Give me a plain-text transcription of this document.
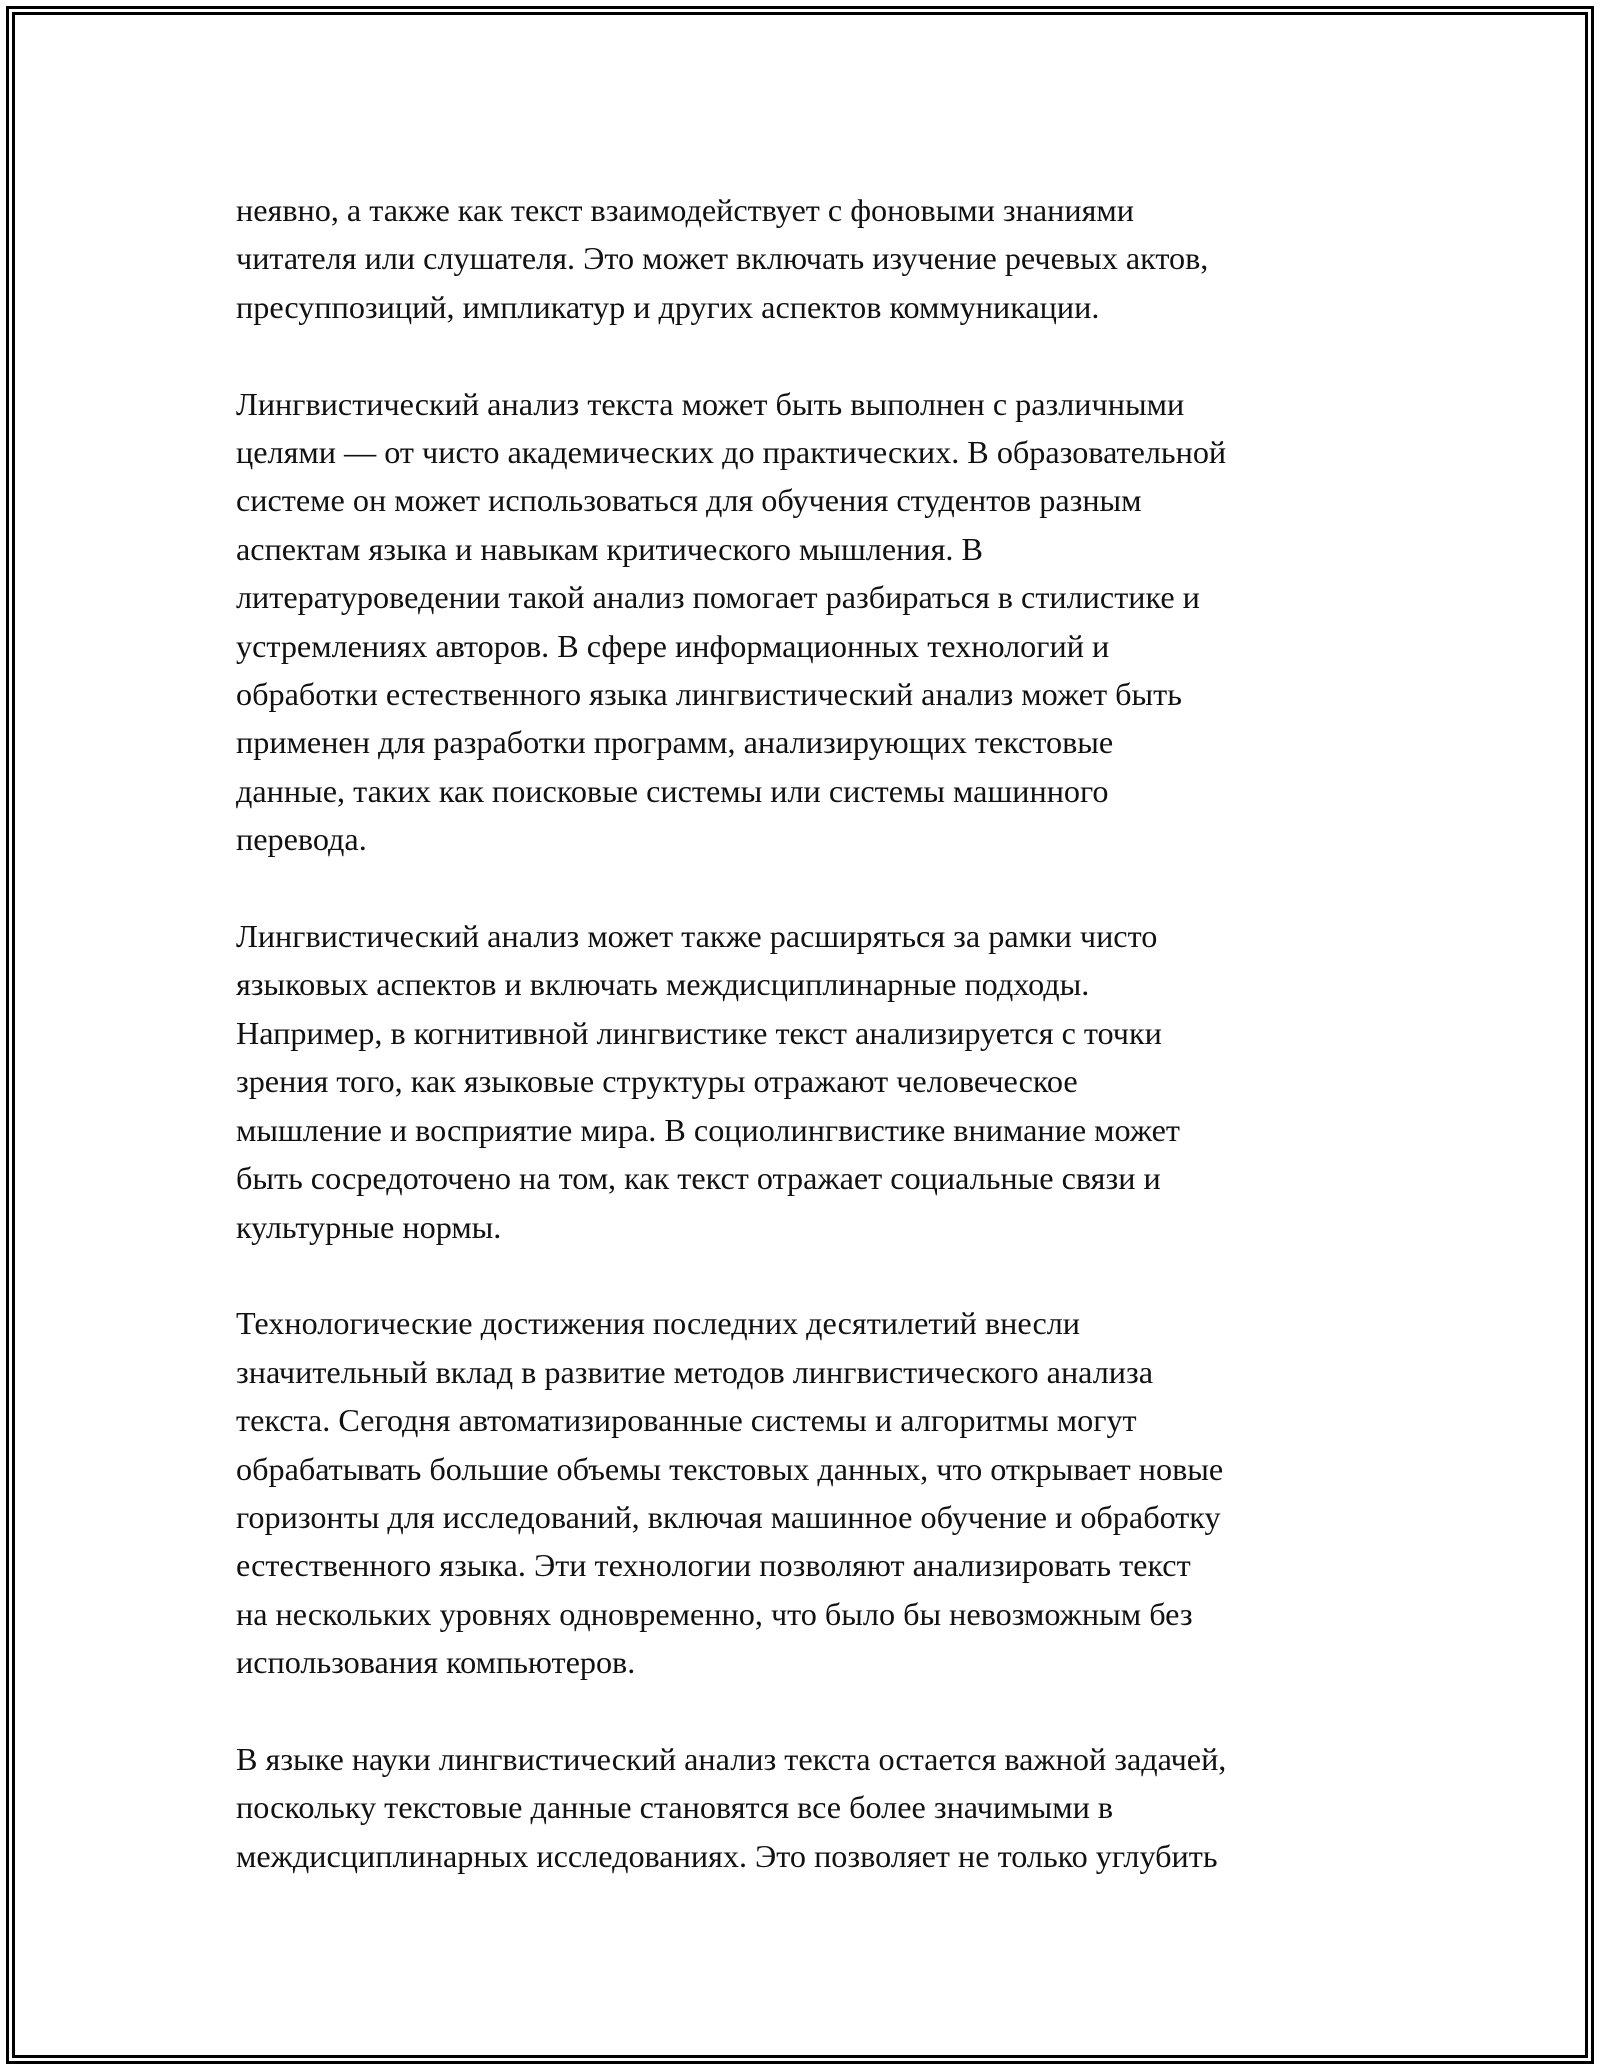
неявно, а также как текст взаимодействует с фоновыми знаниями
читателя или слушателя. Это может включать изучение речевых актов,
пресуппозиций, импликатур и других аспектов коммуникации.

Лингвистический анализ текста может быть выполнен с различными
целями — от чисто академических до практических. В образовательной
системе он может использоваться для обучения студентов разным
аспектам языка и навыкам критического мышления. В
литературоведении такой анализ помогает разбираться в стилистике и
устремлениях авторов. В сфере информационных технологий и
обработки естественного языка лингвистический анализ может быть
применен для разработки программ, анализирующих текстовые
данные, таких как поисковые системы или системы машинного
перевода.

Лингвистический анализ может также расширяться за рамки чисто
языковых аспектов и включать междисциплинарные подходы.
Например, в когнитивной лингвистике текст анализируется с точки
зрения того, как языковые структуры отражают человеческое
мышление и восприятие мира. В социолингвистике внимание может
быть сосредоточено на том, как текст отражает социальные связи и
культурные нормы.

Технологические достижения последних десятилетий внесли
значительный вклад в развитие методов лингвистического анализа
текста. Сегодня автоматизированные системы и алгоритмы могут
обрабатывать большие объемы текстовых данных, что открывает новые
горизонты для исследований, включая машинное обучение и обработку
естественного языка. Эти технологии позволяют анализировать текст
на нескольких уровнях одновременно, что было бы невозможным без
использования компьютеров.

В языке науки лингвистический анализ текста остается важной задачей,
поскольку текстовые данные становятся все более значимыми в
междисциплинарных исследованиях. Это позволяет не только углубить
